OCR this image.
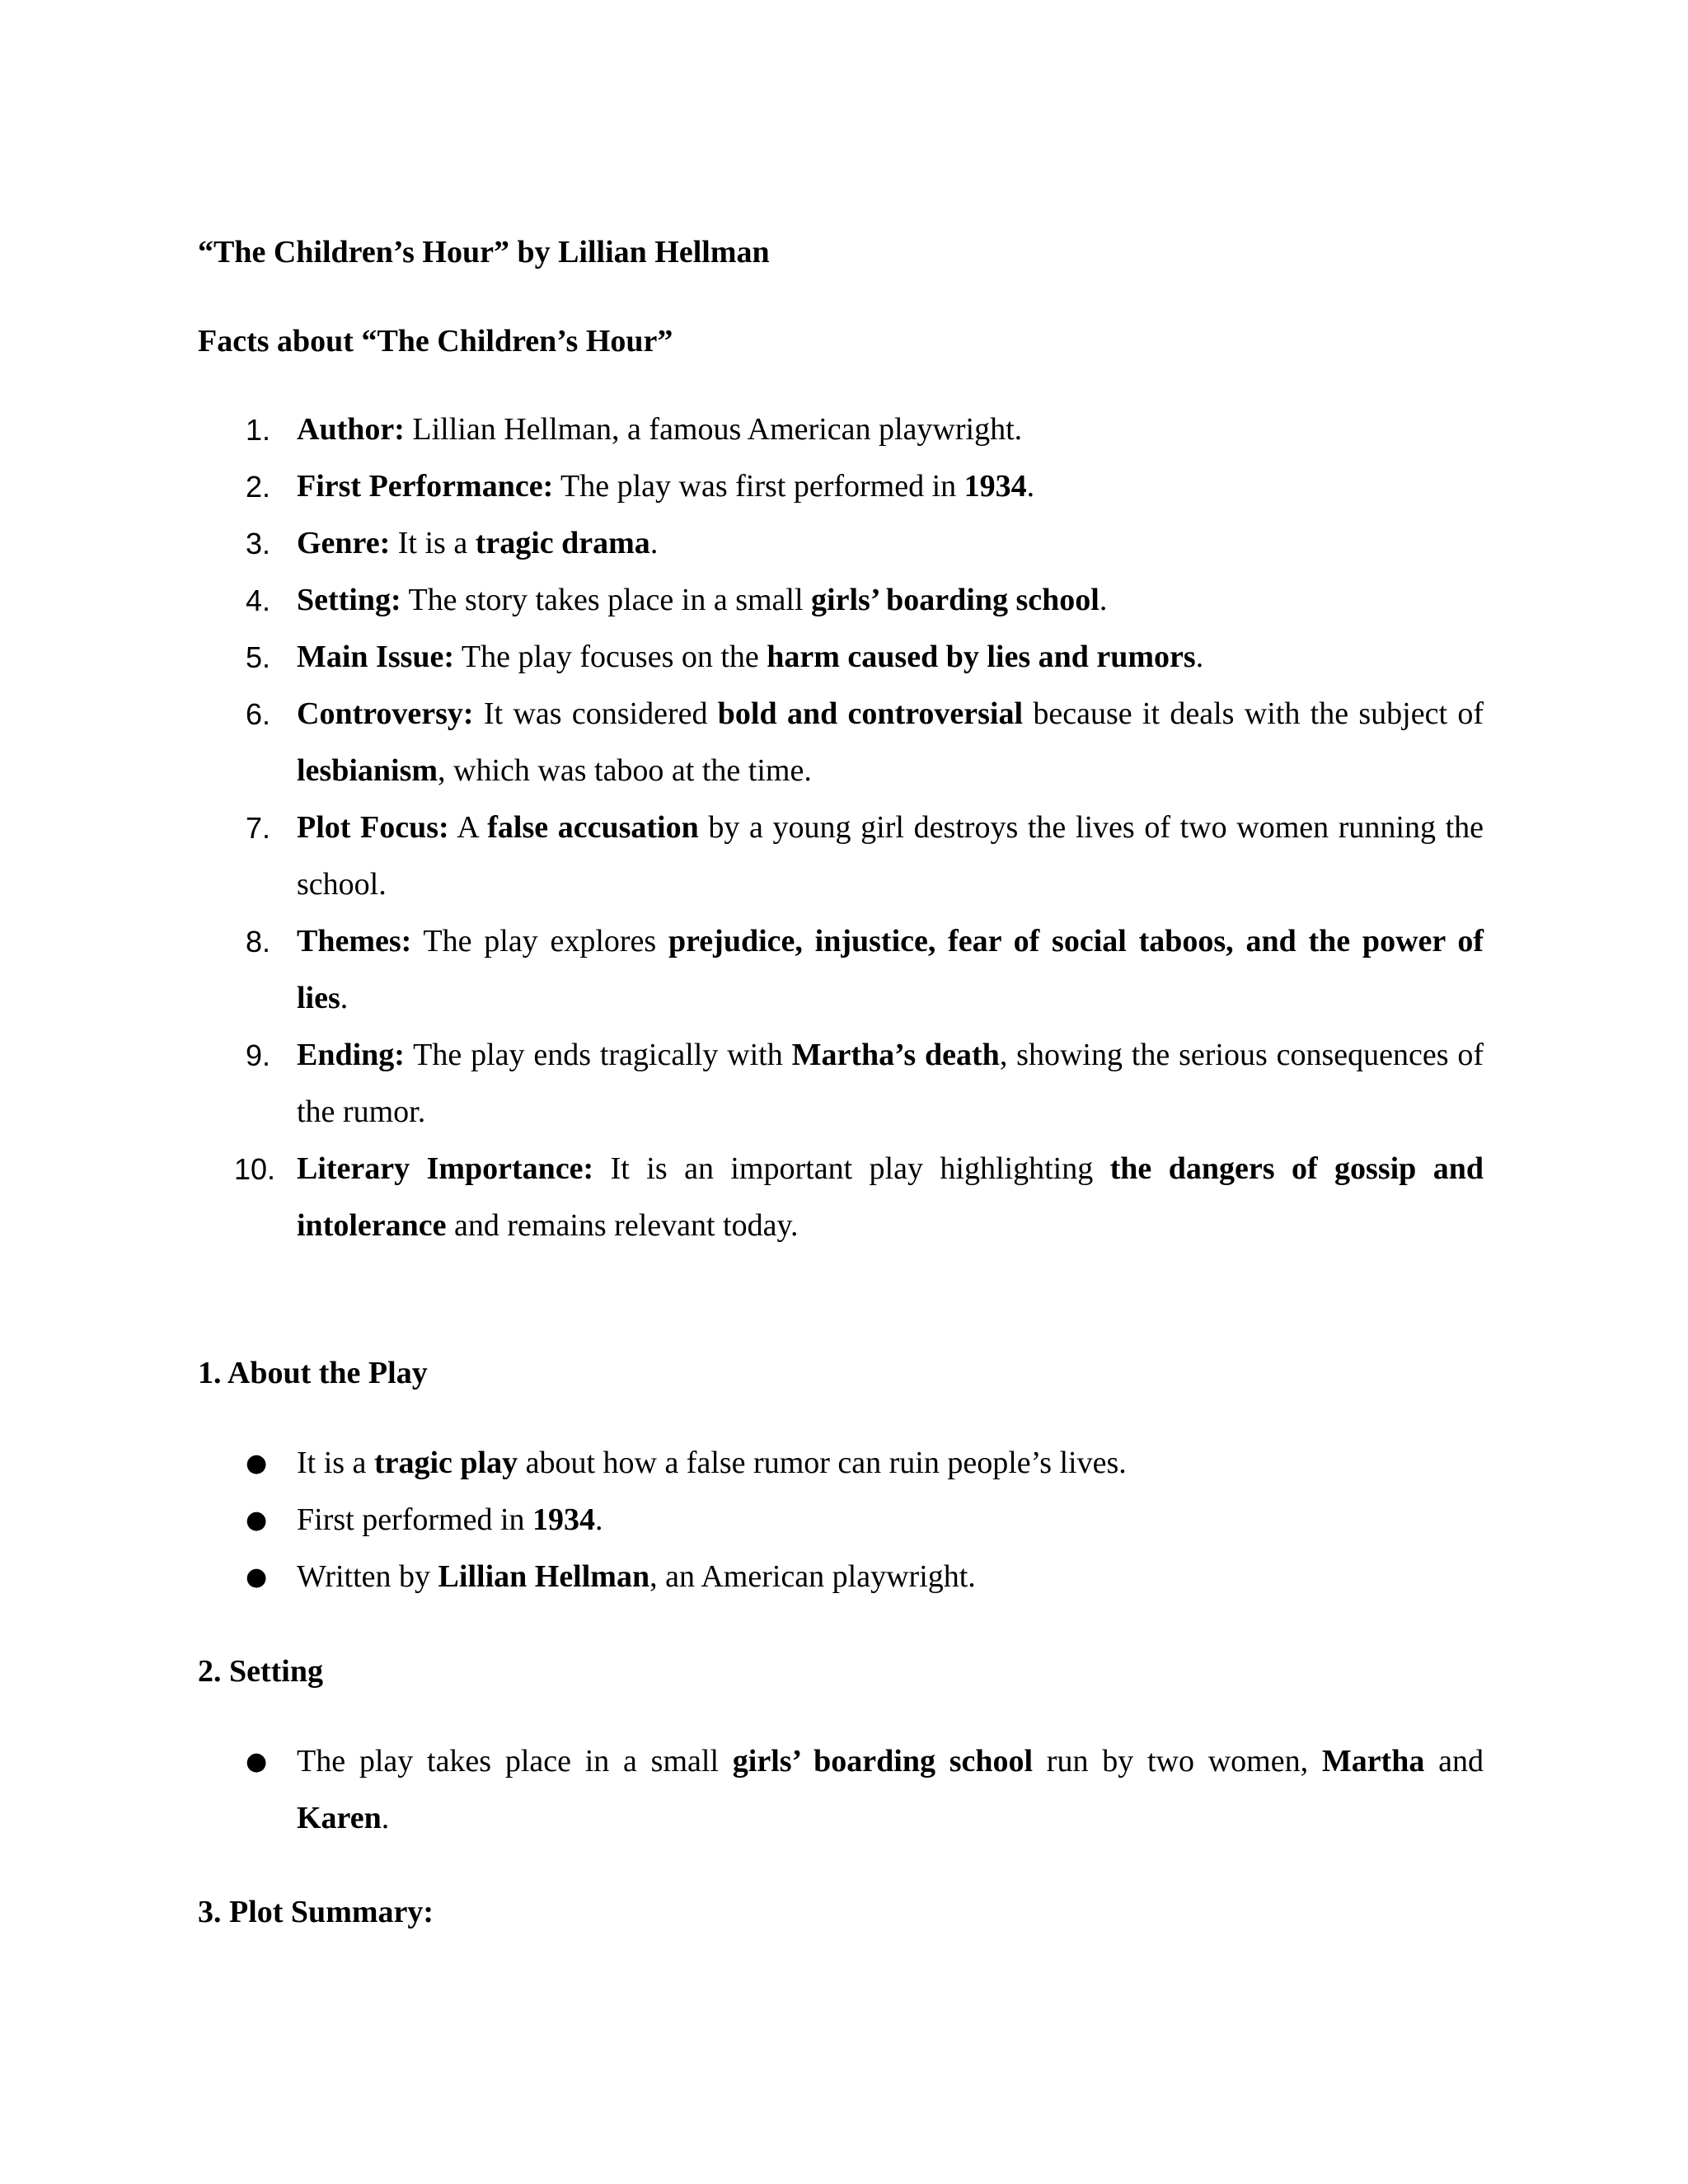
“The Children’s Hour” by Lillian Hellman
Facts about “The Children’s Hour”
1. Author: Lillian Hellman, a famous American playwright.
2. First Performance: The play was first performed in 1934.
3. Genre: It is a tragic drama.
4. Setting: The story takes place in a small girls’ boarding school.
5. Main Issue: The play focuses on the harm caused by lies and rumors.
6. Controversy: It was considered bold and controversial because it deals with the subject of lesbianism, which was taboo at the time.
7. Plot Focus: A false accusation by a young girl destroys the lives of two women running the school.
8. Themes: The play explores prejudice, injustice, fear of social taboos, and the power of lies.
9. Ending: The play ends tragically with Martha’s death, showing the serious consequences of the rumor.
10. Literary Importance: It is an important play highlighting the dangers of gossip and intolerance and remains relevant today.
1. About the Play
● It is a tragic play about how a false rumor can ruin people’s lives.
● First performed in 1934.
● Written by Lillian Hellman, an American playwright.
2. Setting
● The play takes place in a small girls’ boarding school run by two women, Martha and Karen.
3. Plot Summary:
